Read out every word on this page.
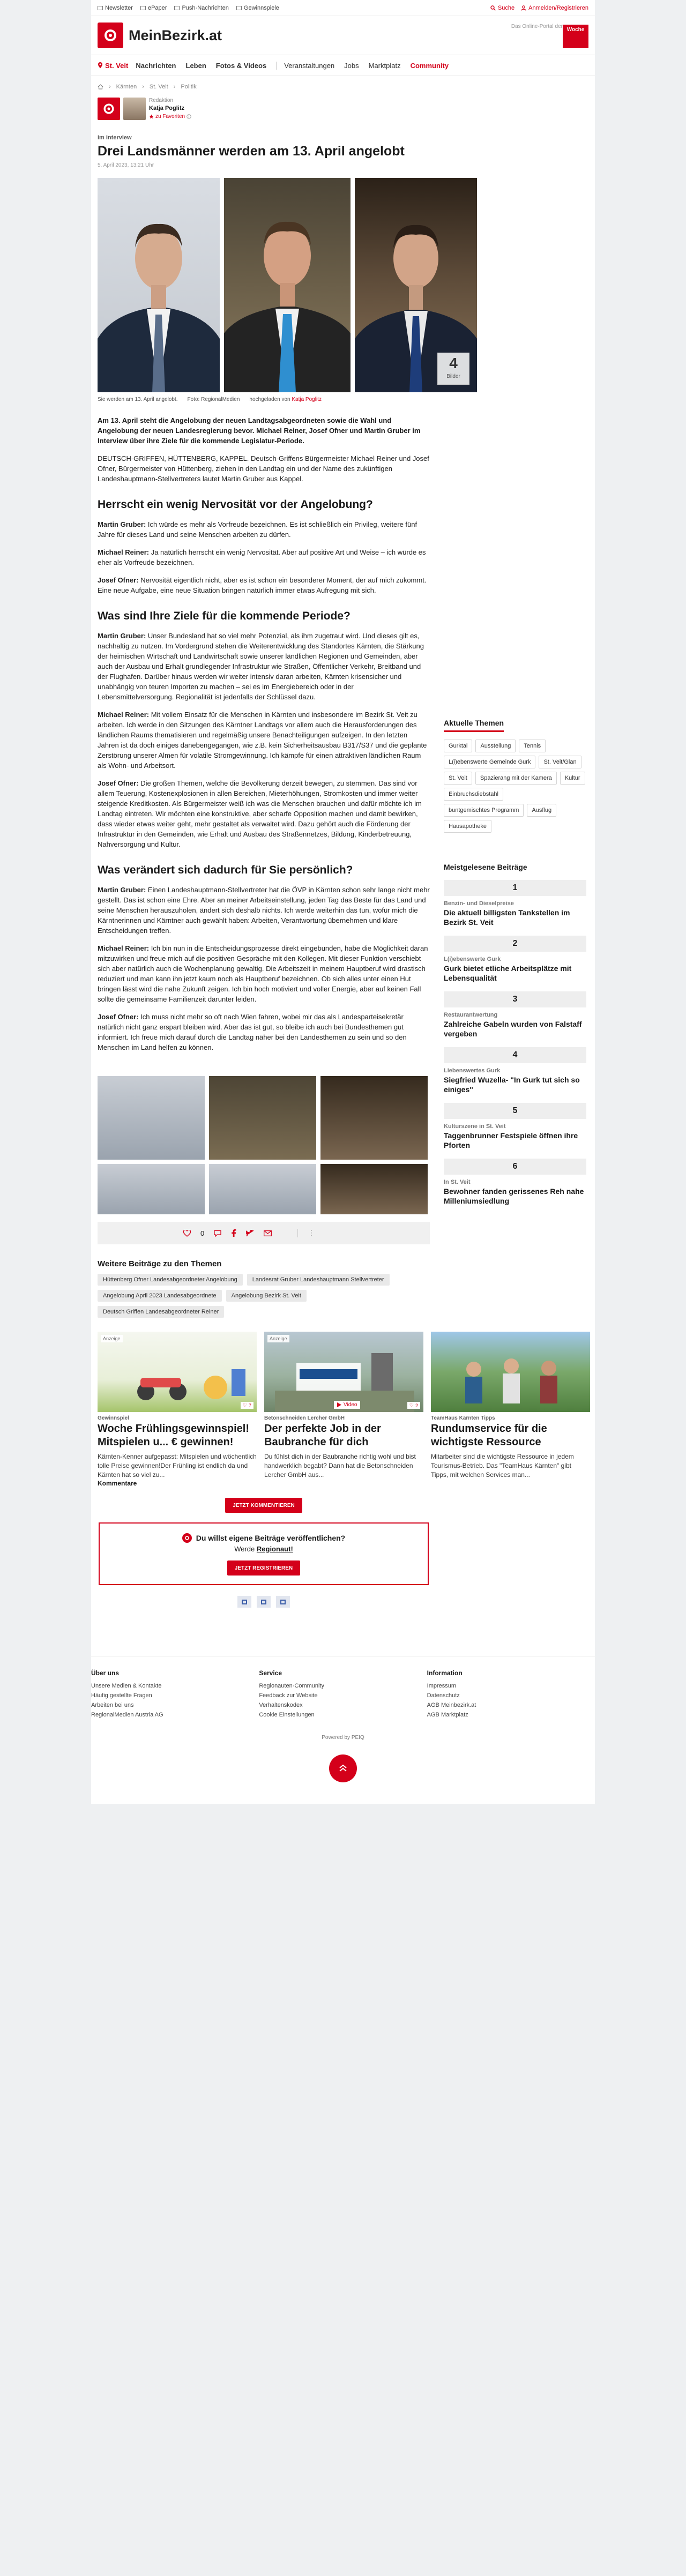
Newsletter	ePaper	Push-Nachrichten	Gewinnspiele	Suche Anmelden/Registrieren
MeinBezirk.at
Das Online-Portal der
Woche
St. Veit Nachrichten Leben Fotos & Videos	Veranstaltungen Jobs Marktplatz Community
› Kärnten › St. Veit › Politik
Redaktion
Katja Poglitz
zu Favoriten
Im Interview
Drei Landsmänner werden am 13. April angelobt
5. April 2023, 13:21 Uhr
4
Bilder
Sie werden am 13. April angelobt. Foto: RegionalMedien hochgeladen von Katja Poglitz

Am 13. April steht die Angelobung der neuen Landtagsabgeordneten sowie die Wahl und Angelobung der neuen Landesregierung bevor. Michael Reiner, Josef Ofner und Martin Gruber im Interview über ihre Ziele für die kommende Legislatur-Periode.

DEUTSCH-GRIFFEN, HÜTTENBERG, KAPPEL. Deutsch-Griffens Bürgermeister Michael Reiner und Josef Ofner, Bürgermeister von Hüttenberg, ziehen in den Landtag ein und der Name des zukünftigen Landeshauptmann-Stellvertreters lautet Martin Gruber aus Kappel.

Herrscht ein wenig Nervosität vor der Angelobung?

Martin Gruber: Ich würde es mehr als Vorfreude bezeichnen. Es ist schließlich ein Privileg, weitere fünf Jahre für dieses Land und seine Menschen arbeiten zu dürfen.

Michael Reiner: Ja natürlich herrscht ein wenig Nervosität. Aber auf positive Art und Weise – ich würde es eher als Vorfreude bezeichnen.

Josef Ofner: Nervosität eigentlich nicht, aber es ist schon ein besonderer Moment, der auf mich zukommt. Eine neue Aufgabe, eine neue Situation bringen natürlich immer etwas Aufregung mit sich.

Was sind Ihre Ziele für die kommende Periode?

Martin Gruber: Unser Bundesland hat so viel mehr Potenzial, als ihm zugetraut wird. Und dieses gilt es, nachhaltig zu nutzen. Im Vordergrund stehen die Weiterentwicklung des Standortes Kärnten, die Stärkung der heimischen Wirtschaft und Landwirtschaft sowie unserer ländlichen Regionen und Gemeinden, aber auch der Ausbau und Erhalt grundlegender Infrastruktur wie Straßen, Öffentlicher Verkehr, Breitband und der Flughafen. Darüber hinaus werden wir weiter intensiv daran arbeiten, Kärnten krisensicher und unabhängig von teuren Importen zu machen – sei es im Energiebereich oder in der Lebensmittelversorgung. Regionalität ist jedenfalls der Schlüssel dazu.

Michael Reiner: Mit vollem Einsatz für die Menschen in Kärnten und insbesondere im Bezirk St. Veit zu arbeiten. Ich werde in den Sitzungen des Kärntner Landtags vor allem auch die Herausforderungen des ländlichen Raums thematisieren und regelmäßig unsere Benachteiligungen aufzeigen. In den letzten Jahren ist da doch einiges danebengegangen, wie z.B. kein Sicherheitsausbau B317/S37 und die geplante Zerstörung unserer Almen für volatile Stromgewinnung. Ich kämpfe für einen attraktiven ländlichen Raum als Wohn- und Arbeitsort.

Josef Ofner: Die großen Themen, welche die Bevölkerung derzeit bewegen, zu stemmen. Das sind vor allem Teuerung, Kostenexplosionen in allen Bereichen, Mieterhöhungen, Stromkosten und immer weiter steigende Kreditkosten. Als Bürgermeister weiß ich was die Menschen brauchen und dafür möchte ich im Landtag eintreten. Wir möchten eine konstruktive, aber scharfe Opposition machen und damit bewirken, dass wieder etwas weiter geht, mehr gestaltet als verwaltet wird. Dazu gehört auch die Förderung der Infrastruktur in den Gemeinden, wie Erhalt und Ausbau des Straßennetzes, Bildung, Kinderbetreuung, Nahversorgung und Kultur.

Was verändert sich dadurch für Sie persönlich?

Martin Gruber: Einen Landeshauptmann-Stellvertreter hat die ÖVP in Kärnten schon sehr lange nicht mehr gestellt. Das ist schon eine Ehre. Aber an meiner Arbeitseinstellung, jeden Tag das Beste für das Land und seine Menschen herauszuholen, ändert sich deshalb nichts. Ich werde weiterhin das tun, wofür mich die Kärntnerinnen und Kärntner auch gewählt haben: Arbeiten, Verantwortung übernehmen und klare Entscheidungen treffen.

Michael Reiner: Ich bin nun in die Entscheidungsprozesse direkt eingebunden, habe die Möglichkeit daran mitzuwirken und freue mich auf die positiven Gespräche mit den Kollegen. Mit dieser Funktion verschiebt sich aber natürlich auch die Wochenplanung gewaltig. Die Arbeitszeit in meinem Hauptberuf wird drastisch reduziert und man kann ihn jetzt kaum noch als Hauptberuf bezeichnen. Ob sich alles unter einen Hut bringen lässt wird die nahe Zukunft zeigen. Ich bin hoch motiviert und voller Energie, aber auf keinen Fall sollte die gemeinsame Familienzeit darunter leiden.

Josef Ofner: Ich muss nicht mehr so oft nach Wien fahren, wobei mir das als Landesparteisekretär natürlich nicht ganz erspart bleiben wird. Aber das ist gut, so bleibe ich auch bei Bundesthemen gut informiert. Ich freue mich darauf durch die Landtag näher bei den Landesthemen zu sein und so den Menschen im Land helfen zu können.

0	⋮
Weitere Beiträge zu den Themen
Hüttenberg Ofner Landesabgeordneter Angelobung	Landesrat Gruber Landeshauptmann Stellvertreter
Angelobung April 2023 Landesabgeordnete	Angelobung Bezirk St. Veit
Deutsch Griffen Landesabgeordneter Reiner
Anzeige
♡ 7
Gewinnspiel
Woche Frühlingsgewinnspiel! Mitspielen u... € gewinnen!
Kärnten-Kenner aufgepasst: Mitspielen und wöchentlich tolle Preise gewinnen!Der Frühling ist endlich da und Kärnten hat so viel zu...
Kommentare
Anzeige
Video	♡ 2
Betonschneiden Lercher GmbH
Der perfekte Job in der Baubranche für dich
Du fühlst dich in der Baubranche richtig wohl und bist handwerklich begabt? Dann hat die Betonschneiden Lercher GmbH aus...
TeamHaus Kärnten Tipps
Rundumservice für die wichtigste Ressource
Mitarbeiter sind die wichtigste Ressource in jedem Tourismus-Betrieb. Das "TeamHaus Kärnten" gibt Tipps, mit welchen Services man...
JETZT KOMMENTIEREN
Du willst eigene Beiträge veröffentlichen?
Werde Regionaut!
JETZT REGISTRIEREN
Aktuelle Themen
Gurktal	Ausstellung	Tennis
L(i)ebenswerte Gemeinde Gurk	St. Veit/Glan
St. Veit	Spazierang mit der Kamera	Kultur
Einbruchsdiebstahl
buntgemischtes Programm	Ausflug
Hausapotheke
Meistgelesene Beiträge
1
Benzin- und Dieselpreise
Die aktuell billigsten Tankstellen im Bezirk St. Veit
2
L(i)ebenswerte Gurk
Gurk bietet etliche Arbeitsplätze mit Lebensqualität
3
Restaurantwertung
Zahlreiche Gabeln wurden von Falstaff vergeben
4
Liebenswertes Gurk
Siegfried Wuzella- "In Gurk tut sich so einiges"
5
Kulturszene in St. Veit
Taggenbrunner Festspiele öffnen ihre Pforten
6
In St. Veit
Bewohner fanden gerissenes Reh nahe Milleniumsiedlung
Über uns
Unsere Medien & Kontakte
Häufig gestellte Fragen
Arbeiten bei uns
RegionalMedien Austria AG
Service
Regionauten-Community
Feedback zur Website
Verhaltenskodex
Cookie Einstellungen
Information
Impressum
Datenschutz
AGB Meinbezirk.at
AGB Marktplatz
Powered by PEIQ
